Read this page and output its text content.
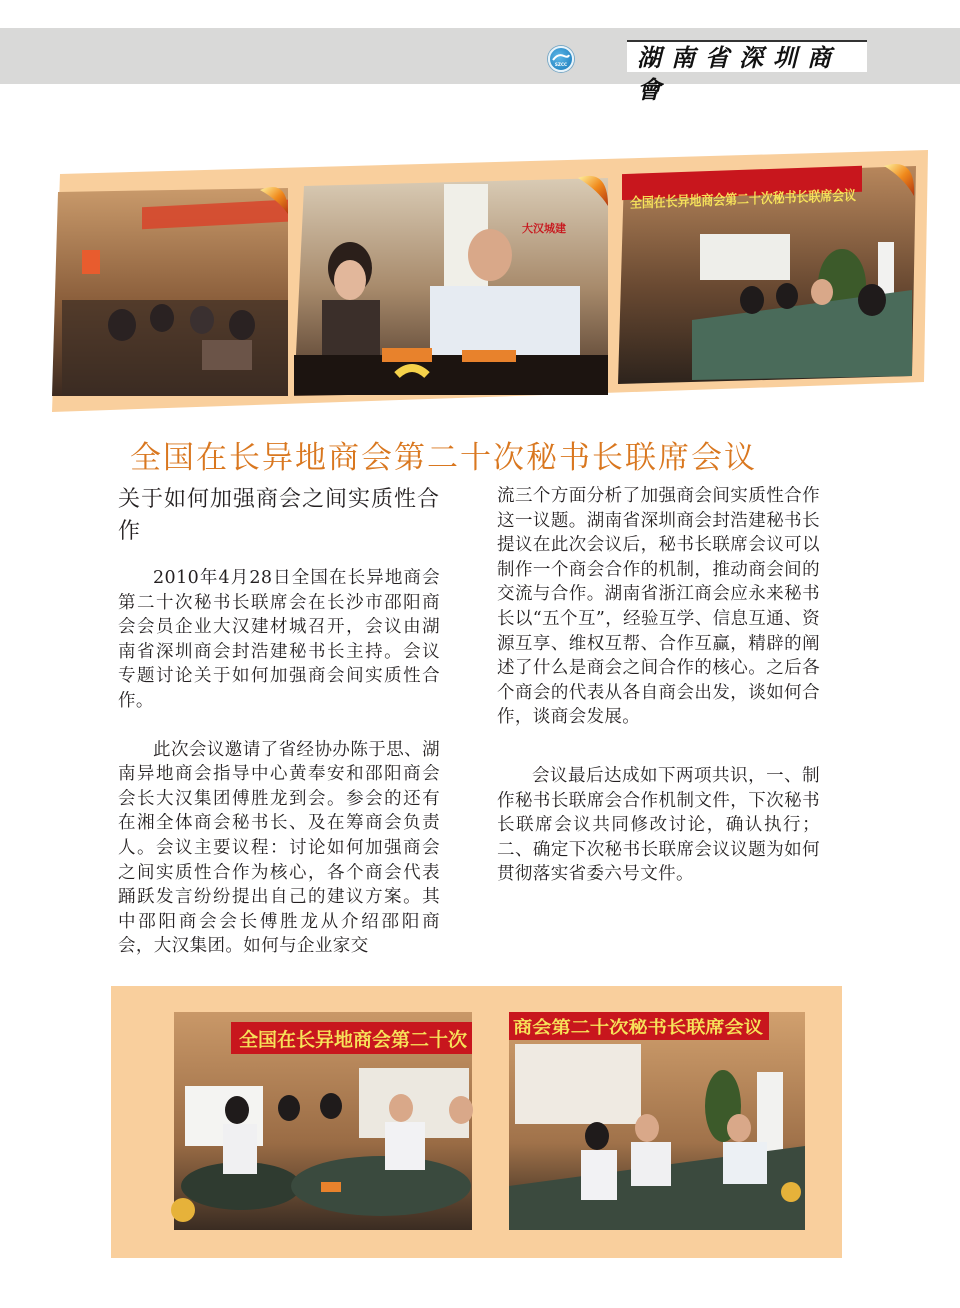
SZCC	湖南省深圳商會
大汉城建
全国在长异地商会第二十次秘书长联席会议
全国在长异地商会第二十次秘书长联席会议
关于如何加强商会之间实质性合作

2010年4月28日全国在长异地商会第二十次秘书长联席会在长沙市邵阳商会会员企业大汉建材城召开，会议由湖南省深圳商会封浩建秘书长主持。会议专题讨论关于如何加强商会间实质性合作。

此次会议邀请了省经协办陈于思、湖南异地商会指导中心黄奉安和邵阳商会会长大汉集团傅胜龙到会。参会的还有在湘全体商会秘书长、及在筹商会负责人。会议主要议程：讨论如何加强商会之间实质性合作为核心，各个商会代表踊跃发言纷纷提出自己的建议方案。其中邵阳商会会长傅胜龙从介绍邵阳商会，大汉集团。如何与企业家交

流三个方面分析了加强商会间实质性合作这一议题。湖南省深圳商会封浩建秘书长提议在此次会议后，秘书长联席会议可以制作一个商会合作的机制，推动商会间的交流与合作。湖南省浙江商会应永来秘书长以“五个互”，经验互学、信息互通、资源互享、维权互帮、合作互赢，精辟的阐述了什么是商会之间合作的核心。之后各个商会的代表从各自商会出发，谈如何合作，谈商会发展。

会议最后达成如下两项共识，一、制作秘书长联席会合作机制文件，下次秘书长联席会议共同修改讨论，确认执行；二、确定下次秘书长联席会议议题为如何贯彻落实省委六号文件。

全国在长异地商会第二十次
商会第二十次秘书长联席会议
